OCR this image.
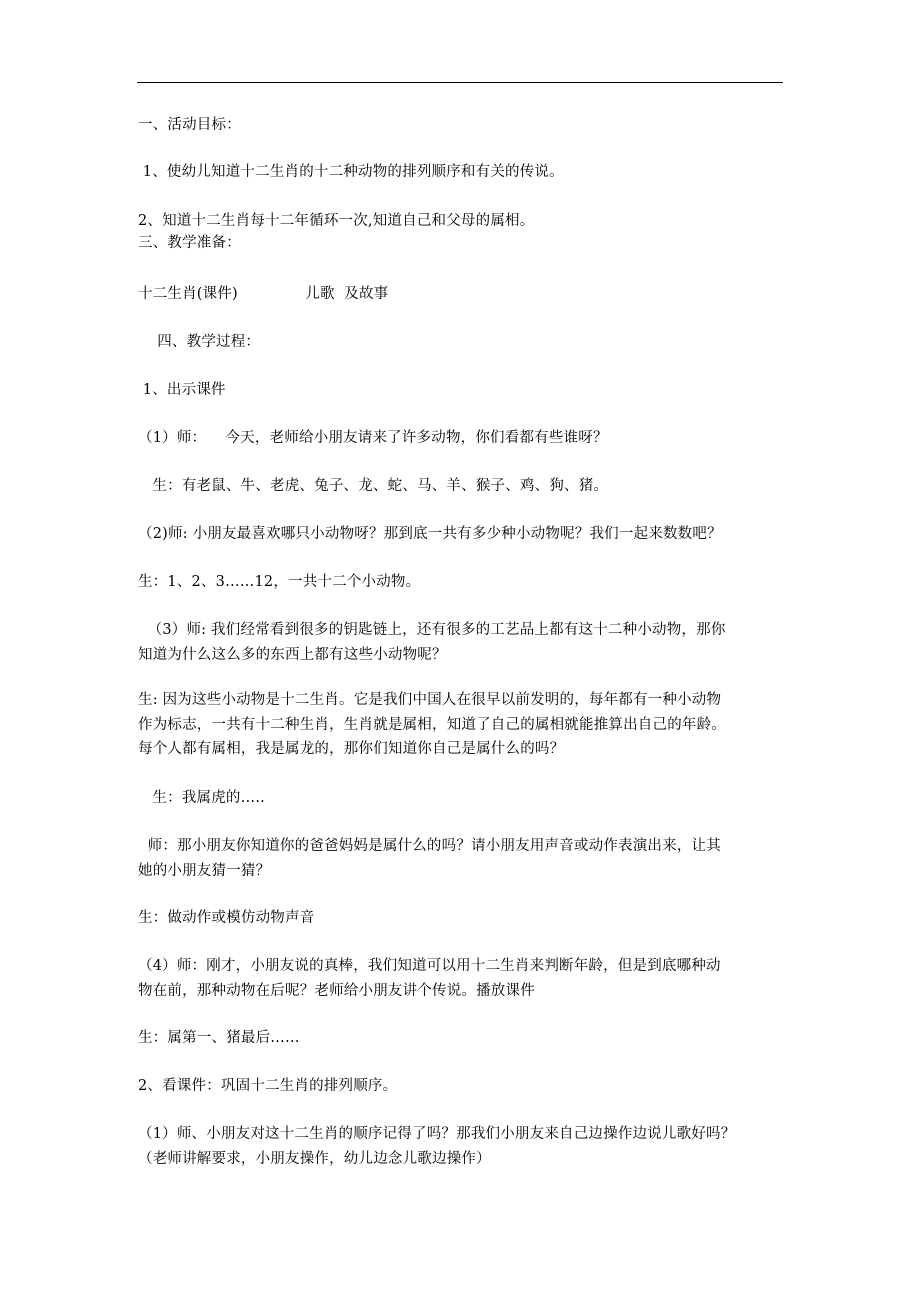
一、活动目标：
1、使幼儿知道十二生肖的十二种动物的排列顺序和有关的传说。
2、知道十二生肖每十二年循环一次,知道自己和父母的属相。
三、教学准备：
十二生肖(课件)              儿歌  及故事
四、教学过程：
1、出示课件
（1）师：    今天，老师给小朋友请来了许多动物，你们看都有些谁呀？
生：有老鼠、牛、老虎、兔子、龙、蛇、马、羊、猴子、鸡、狗、猪。
（2)师: 小朋友最喜欢哪只小动物呀？那到底一共有多少种小动物呢？我们一起来数数吧？
生：1、2、3……12，一共十二个小动物。
（3）师: 我们经常看到很多的钥匙链上，还有很多的工艺品上都有这十二种小动物，那你
知道为什么这么多的东西上都有这些小动物呢？
生: 因为这些小动物是十二生肖。它是我们中国人在很早以前发明的，每年都有一种小动物
作为标志，一共有十二种生肖，生肖就是属相，知道了自己的属相就能推算出自己的年龄。
每个人都有属相，我是属龙的，那你们知道你自己是属什么的吗？
生：我属虎的…..
师：那小朋友你知道你的爸爸妈妈是属什么的吗？请小朋友用声音或动作表演出来，让其
她的小朋友猜一猜？
生：做动作或模仿动物声音
（4）师：刚才，小朋友说的真棒，我们知道可以用十二生肖来判断年龄，但是到底哪种动
物在前，那种动物在后呢？老师给小朋友讲个传说。播放课件
生：属第一、猪最后……
2、看课件：巩固十二生肖的排列顺序。
（1）师、小朋友对这十二生肖的顺序记得了吗？那我们小朋友来自己边操作边说儿歌好吗？
（老师讲解要求，小朋友操作，幼儿边念儿歌边操作）
